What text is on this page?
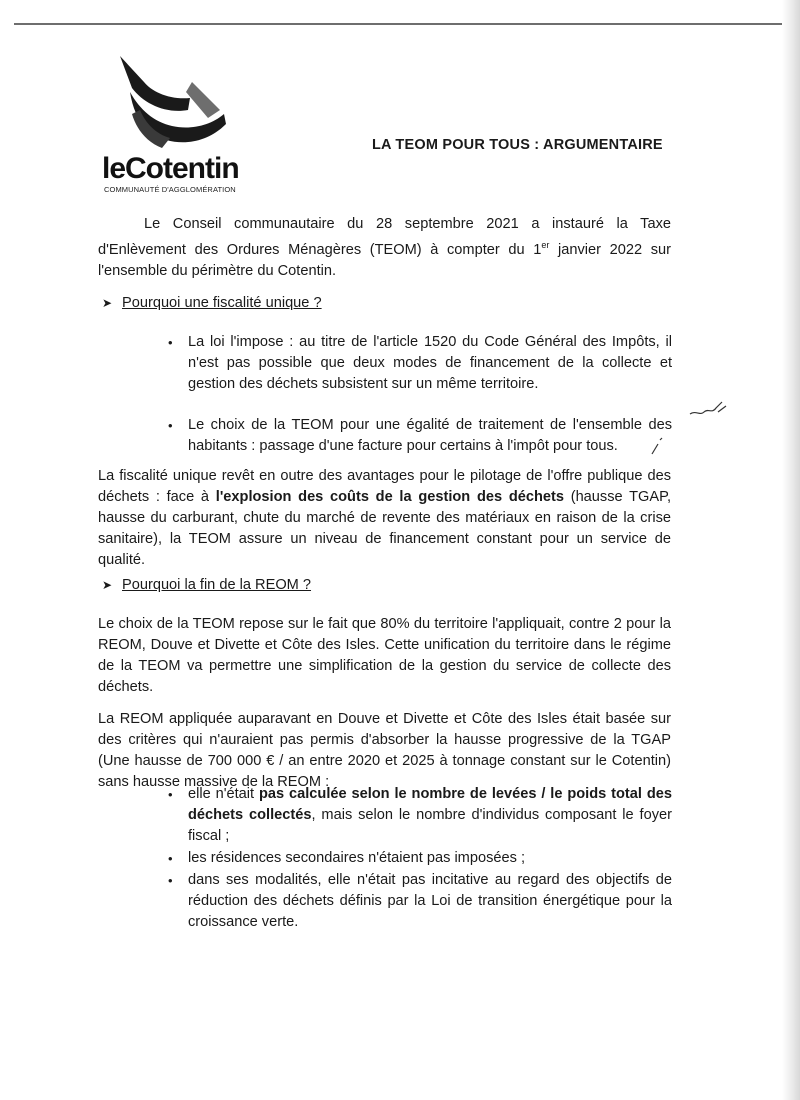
leCotentin
COMMUNAUTÉ D'AGGLOMÉRATION
LA TEOM POUR TOUS : ARGUMENTAIRE

Le Conseil communautaire du 28 septembre 2021 a instauré la Taxe d'Enlèvement des Ordures Ménagères (TEOM) à compter du 1er janvier 2022 sur l'ensemble du périmètre du Cotentin.

➤ Pourquoi une fiscalité unique ?
• La loi l'impose : au titre de l'article 1520 du Code Général des Impôts, il n'est pas possible que deux modes de financement de la collecte et gestion des déchets subsistent sur un même territoire.
• Le choix de la TEOM pour une égalité de traitement de l'ensemble des habitants : passage d'une facture pour certains à l'impôt pour tous.

La fiscalité unique revêt en outre des avantages pour le pilotage de l'offre publique des déchets : face à l'explosion des coûts de la gestion des déchets (hausse TGAP, hausse du carburant, chute du marché de revente des matériaux en raison de la crise sanitaire), la TEOM assure un niveau de financement constant pour un service de qualité.

➤ Pourquoi la fin de la REOM ?

Le choix de la TEOM repose sur le fait que 80% du territoire l'appliquait, contre 2 pour la REOM, Douve et Divette et Côte des Isles. Cette unification du territoire dans le régime de la TEOM va permettre une simplification de la gestion du service de collecte des déchets.

La REOM appliquée auparavant en Douve et Divette et Côte des Isles était basée sur des critères qui n'auraient pas permis d'absorber la hausse progressive de la TGAP (Une hausse de 700 000 € / an entre 2020 et 2025 à tonnage constant sur le Cotentin) sans hausse massive de la REOM :

• elle n'était pas calculée selon le nombre de levées / le poids total des déchets collectés, mais selon le nombre d'individus composant le foyer fiscal ;
• les résidences secondaires n'étaient pas imposées ;
• dans ses modalités, elle n'était pas incitative au regard des objectifs de réduction des déchets définis par la Loi de transition énergétique pour la croissance verte.
